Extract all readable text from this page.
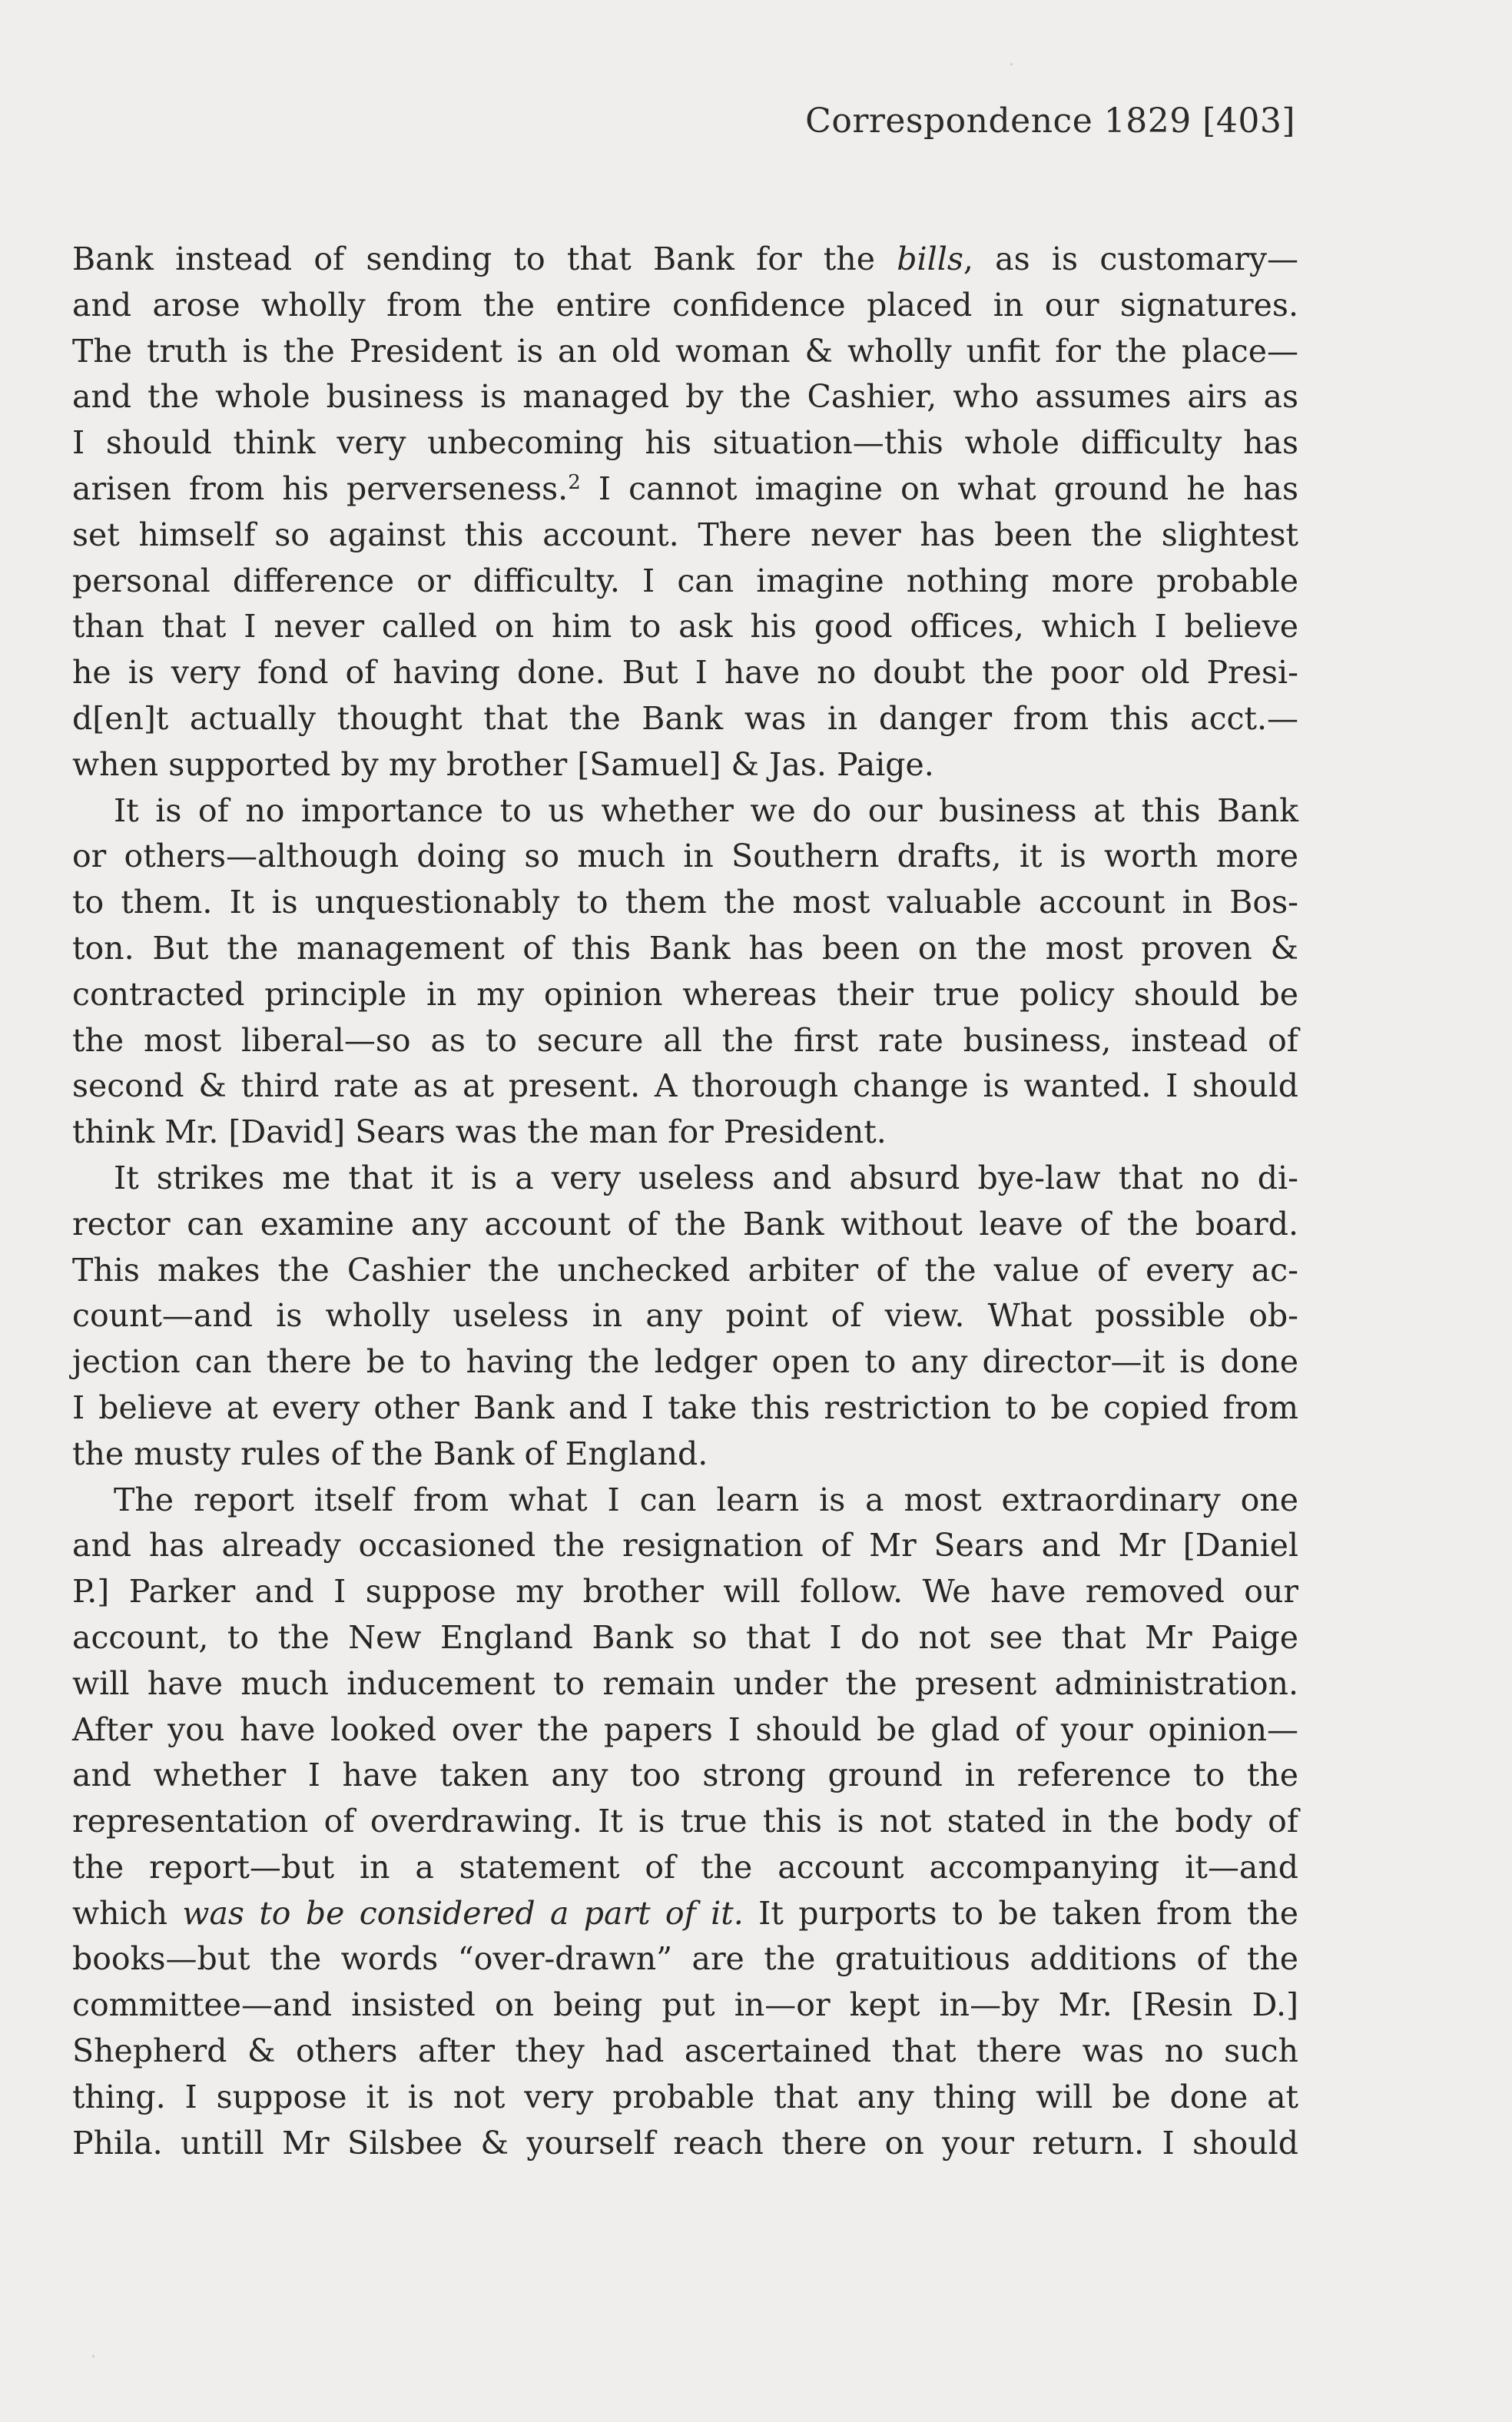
Correspondence 1829 [403]
Bank instead of sending to that Bank for the bills, as is customary—
and arose wholly from the entire confidence placed in our signatures.
The truth is the President is an old woman & wholly unfit for the place—
and the whole business is managed by the Cashier, who assumes airs as
I should think very unbecoming his situation—this whole difficulty has
arisen from his perverseness.$^2$ I cannot imagine on what ground he has
set himself so against this account. There never has been the slightest
personal difference or difficulty. I can imagine nothing more probable
than that I never called on him to ask his good offices, which I believe
he is very fond of having done. But I have no doubt the poor old Presi-
d[en]t actually thought that the Bank was in danger from this acct.—
when supported by my brother [Samuel] & Jas. Paige.
It is of no importance to us whether we do our business at this Bank
or others—although doing so much in Southern drafts, it is worth more
to them. It is unquestionably to them the most valuable account in Bos-
ton. But the management of this Bank has been on the most proven &
contracted principle in my opinion whereas their true policy should be
the most liberal—so as to secure all the first rate business, instead of
second & third rate as at present. A thorough change is wanted. I should
think Mr. [David] Sears was the man for President.
It strikes me that it is a very useless and absurd bye-law that no di-
rector can examine any account of the Bank without leave of the board.
This makes the Cashier the unchecked arbiter of the value of every ac-
count—and is wholly useless in any point of view. What possible ob-
jection can there be to having the ledger open to any director—it is done
I believe at every other Bank and I take this restriction to be copied from
the musty rules of the Bank of England.
The report itself from what I can learn is a most extraordinary one
and has already occasioned the resignation of Mr Sears and Mr [Daniel
P.] Parker and I suppose my brother will follow. We have removed our
account, to the New England Bank so that I do not see that Mr Paige
will have much inducement to remain under the present administration.
After you have looked over the papers I should be glad of your opinion—
and whether I have taken any too strong ground in reference to the
representation of overdrawing. It is true this is not stated in the body of
the report—but in a statement of the account accompanying it—and
which was to be considered a part of it. It purports to be taken from the
books—but the words “over-drawn” are the gratuitious additions of the
committee—and insisted on being put in—or kept in—by Mr. [Resin D.]
Shepherd & others after they had ascertained that there was no such
thing. I suppose it is not very probable that any thing will be done at
Phila. untill Mr Silsbee & yourself reach there on your return. I should
